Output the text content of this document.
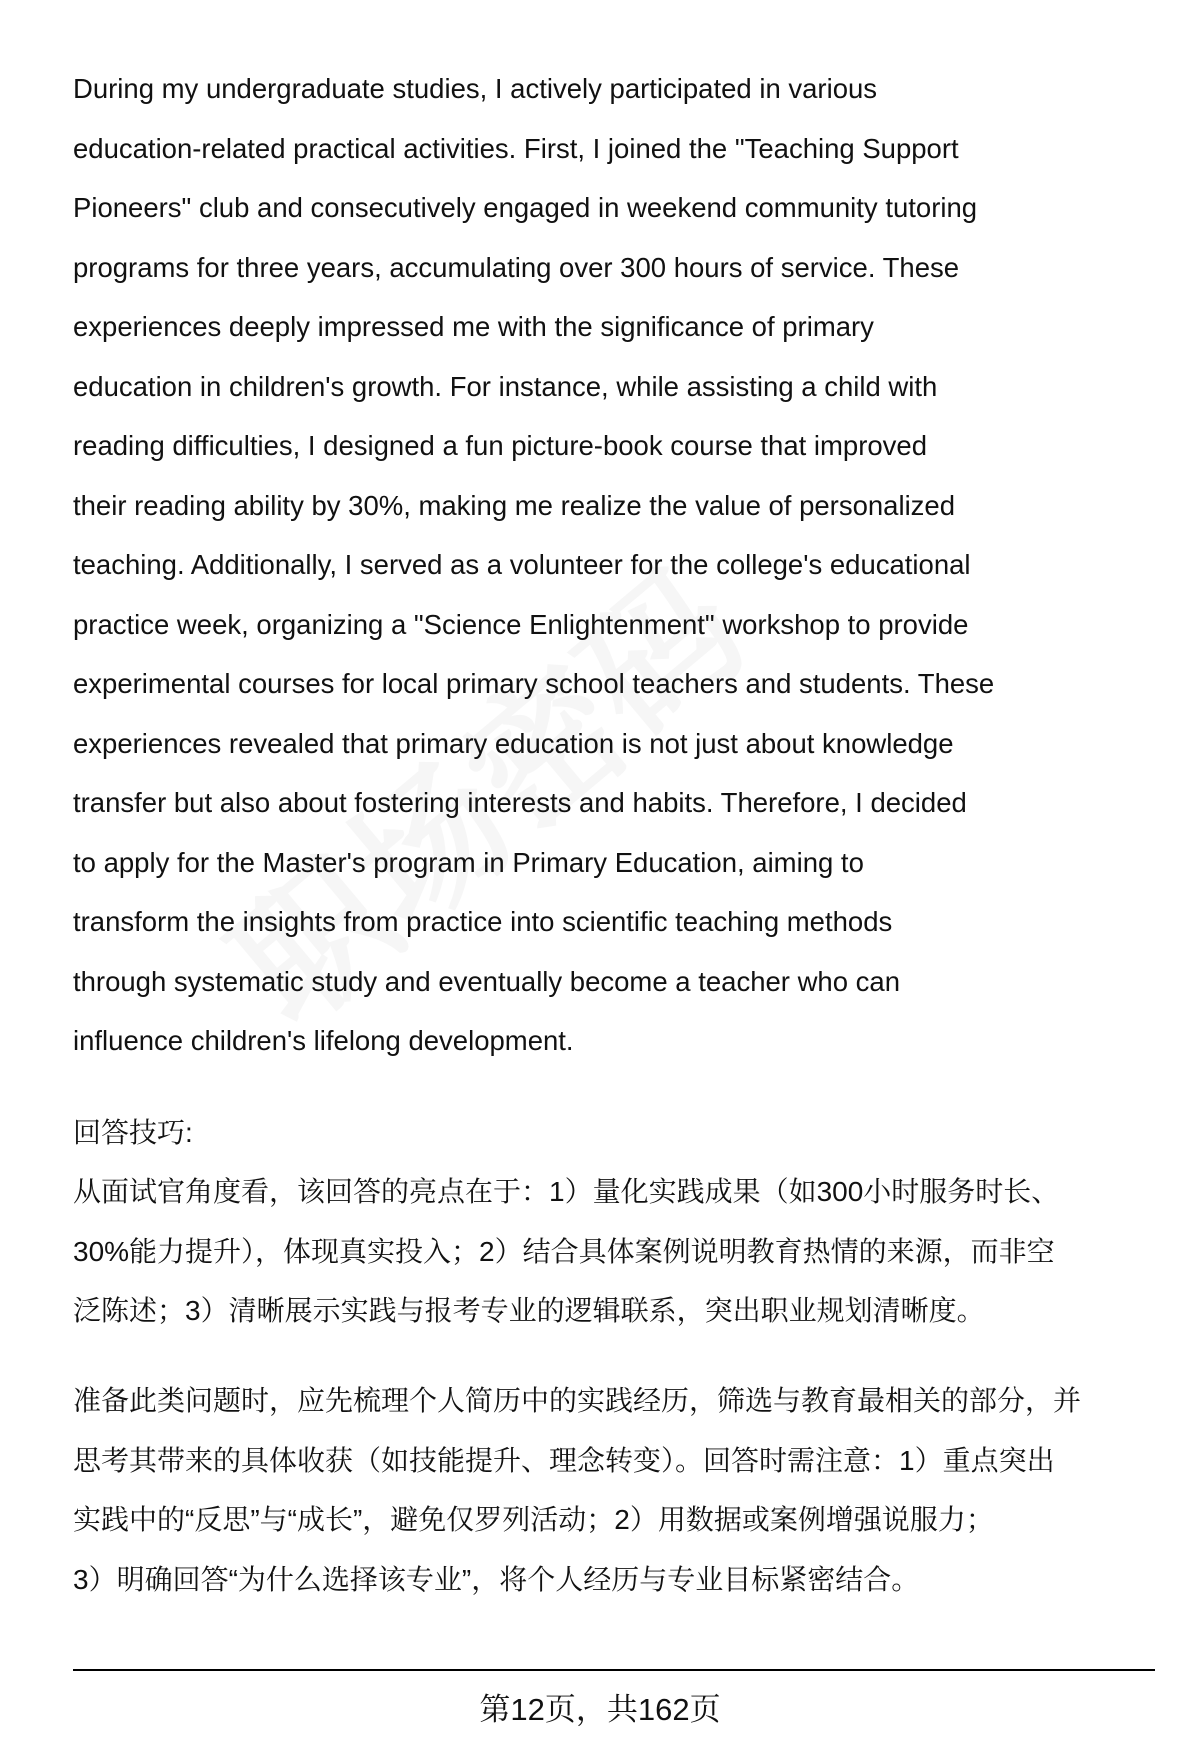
During my undergraduate studies, I actively participated in various
education-related practical activities. First, I joined the "Teaching Support
Pioneers" club and consecutively engaged in weekend community tutoring
programs for three years, accumulating over 300 hours of service. These
experiences deeply impressed me with the significance of primary
education in children's growth. For instance, while assisting a child with
reading difficulties, I designed a fun picture-book course that improved
their reading ability by 30%, making me realize the value of personalized
teaching. Additionally, I served as a volunteer for the college's educational
practice week, organizing a "Science Enlightenment" workshop to provide
experimental courses for local primary school teachers and students. These
experiences revealed that primary education is not just about knowledge
transfer but also about fostering interests and habits. Therefore, I decided
to apply for the Master's program in Primary Education, aiming to
transform the insights from practice into scientific teaching methods
through systematic study and eventually become a teacher who can
influence children's lifelong development.
回答技巧:
从面试官角度看，该回答的亮点在于：1）量化实践成果（如300小时服务时长、
30%能力提升），体现真实投入；2）结合具体案例说明教育热情的来源，而非空
泛陈述；3）清晰展示实践与报考专业的逻辑联系，突出职业规划清晰度。
准备此类问题时，应先梳理个人简历中的实践经历，筛选与教育最相关的部分，并
思考其带来的具体收获（如技能提升、理念转变）。回答时需注意：1）重点突出
实践中的“反思”与“成长”，避免仅罗列活动；2）用数据或案例增强说服力；
3）明确回答“为什么选择该专业”，将个人经历与专业目标紧密结合。
第12页，共162页
